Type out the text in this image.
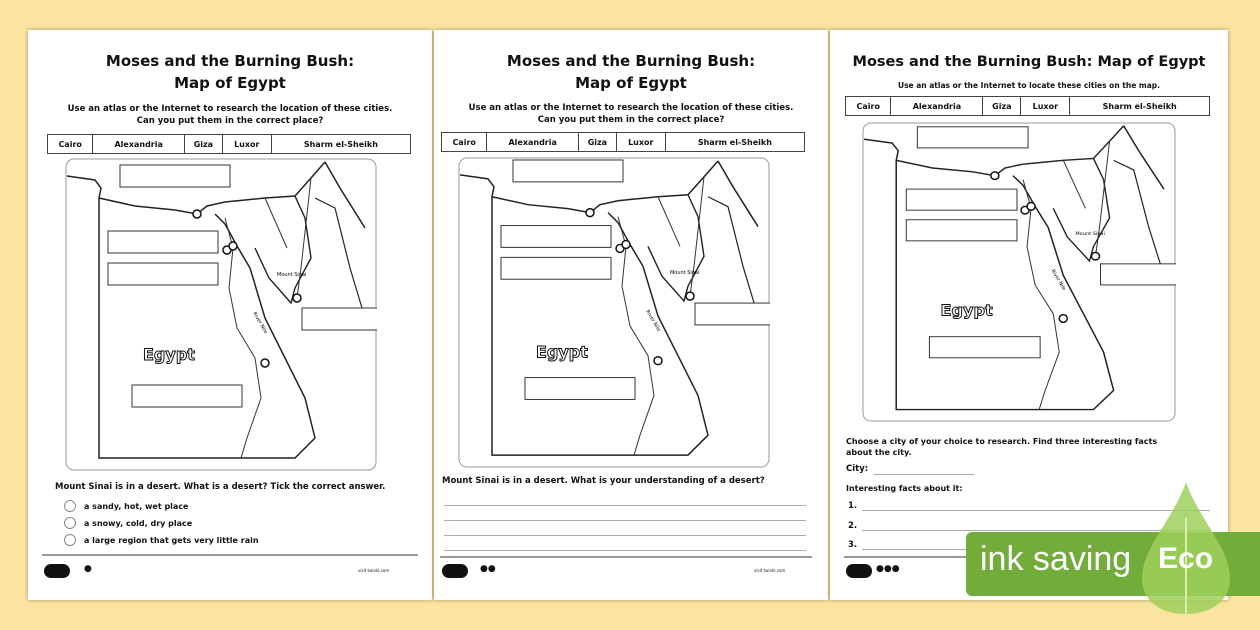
Moses and the Burning Bush:
Map of Egypt
Use an atlas or the Internet to research the location of these cities.
Can you put them in the correct place?
Cairo	Alexandria	Giza	Luxor	Sharm el-Sheikh
Egypt
Mount Sinai
River Nile
Mount Sinai is in a desert. What is a desert? Tick the correct answer.
a sandy, hot, wet place
a snowy, cold, dry place
a large region that gets very little rain
●	visit twinkl.com
Moses and the Burning Bush:
Map of Egypt
Use an atlas or the Internet to research the location of these cities.
Can you put them in the correct place?
Cairo	Alexandria	Giza	Luxor	Sharm el-Sheikh
Egypt
Mount Sinai
River Nile
Mount Sinai is in a desert. What is your understanding of a desert?
●●	visit twinkl.com
Moses and the Burning Bush: Map of Egypt
Use an atlas or the Internet to locate these cities on the map.
Cairo	Alexandria	Giza	Luxor	Sharm el-Sheikh
Egypt
Mount Sinai
River Nile
Choose a city of your choice to research. Find three interesting facts about the city.
City:
Interesting facts about it:
1.
2.
3.
●●● ink saving Eco
